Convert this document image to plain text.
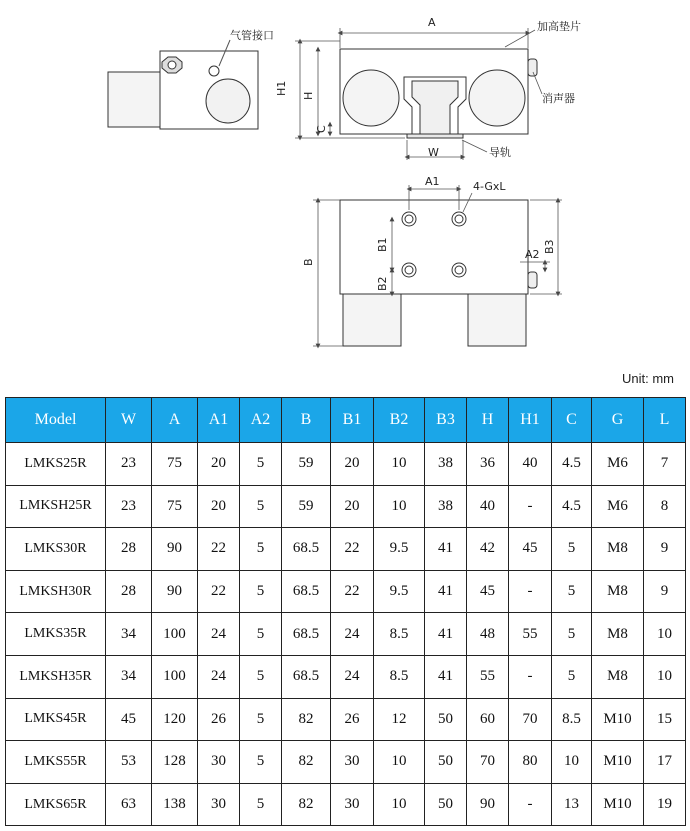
气管接口
A	加高垫片
H1 H
C
消声器
W	导轨
A1	4-GxL
B
B1
B2
A2
B3
Unit: mm
Model	W	A	A1	A2	B	B1	B2	B3	H	H1	C	G	L
LMKS25R	23	75	20	5	59	20	10	38	36	40	4.5	M6	7
LMKSH25R	23	75	20	5	59	20	10	38	40	-	4.5	M6	8
LMKS30R	28	90	22	5	68.5	22	9.5	41	42	45	5	M8	9
LMKSH30R	28	90	22	5	68.5	22	9.5	41	45	-	5	M8	9
LMKS35R	34	100	24	5	68.5	24	8.5	41	48	55	5	M8	10
LMKSH35R	34	100	24	5	68.5	24	8.5	41	55	-	5	M8	10
LMKS45R	45	120	26	5	82	26	12	50	60	70	8.5	M10	15
LMKS55R	53	128	30	5	82	30	10	50	70	80	10	M10	17
LMKS65R	63	138	30	5	82	30	10	50	90	-	13	M10	19
